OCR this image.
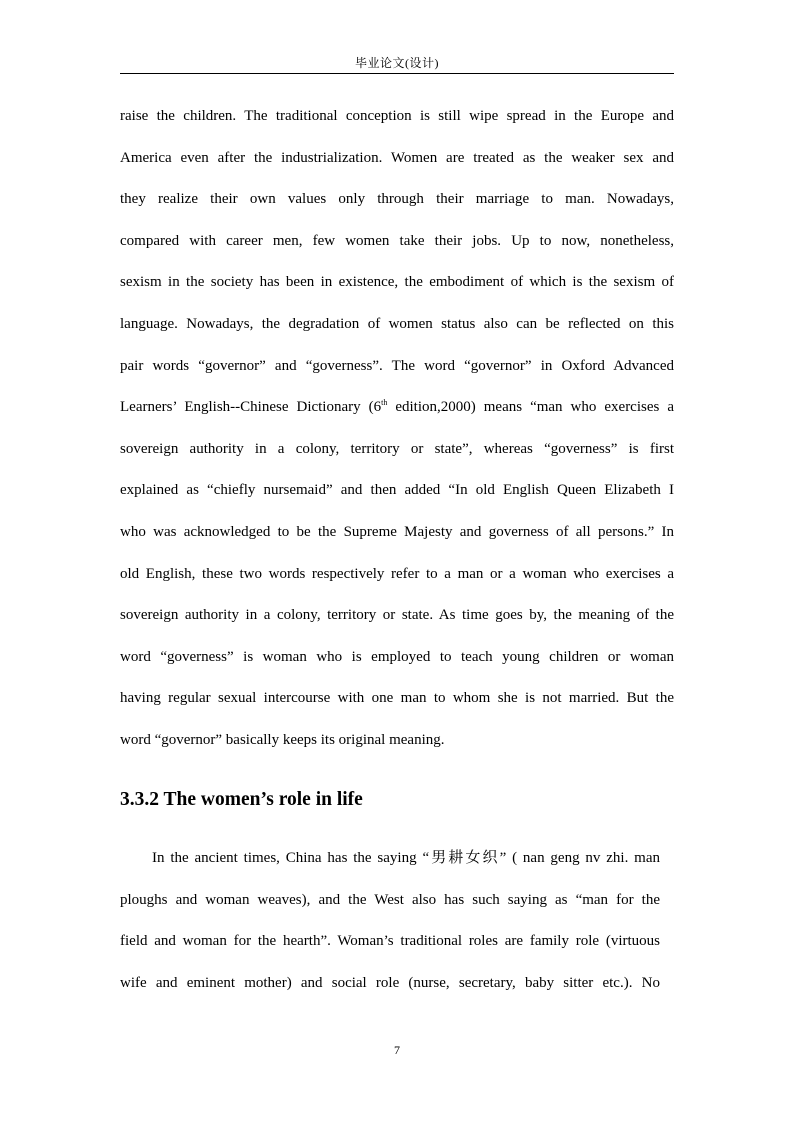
毕业论文(设计)
raise the children. The traditional conception is still wipe spread in the Europe and
America even after the industrialization. Women are treated as the weaker sex and
they realize their own values only through their marriage to man. Nowadays,
compared with career men, few women take their jobs. Up to now, nonetheless,
sexism in the society has been in existence, the embodiment of which is the sexism of
language. Nowadays, the degradation of women status also can be reflected on this
pair words “governor” and “governess”. The word “governor” in Oxford Advanced
Learners’ English--Chinese Dictionary (6th edition,2000) means “man who exercises a
sovereign authority in a colony, territory or state”, whereas “governess” is first
explained as “chiefly nursemaid” and then added “In old English Queen Elizabeth I
who was acknowledged to be the Supreme Majesty and governess of all persons.” In
old English, these two words respectively refer to a man or a woman who exercises a
sovereign authority in a colony, territory or state. As time goes by, the meaning of the
word “governess” is woman who is employed to teach young children or woman
having regular sexual intercourse with one man to whom she is not married. But the
word “governor” basically keeps its original meaning.
3.3.2 The women’s role in life
In the ancient times, China has the saying “男耕女织” ( nan geng nv zhi. man
ploughs and woman weaves), and the West also has such saying as “man for the
field and woman for the hearth”. Woman’s traditional roles are family role (virtuous
wife and eminent mother) and social role (nurse, secretary, baby sitter etc.). No
7
